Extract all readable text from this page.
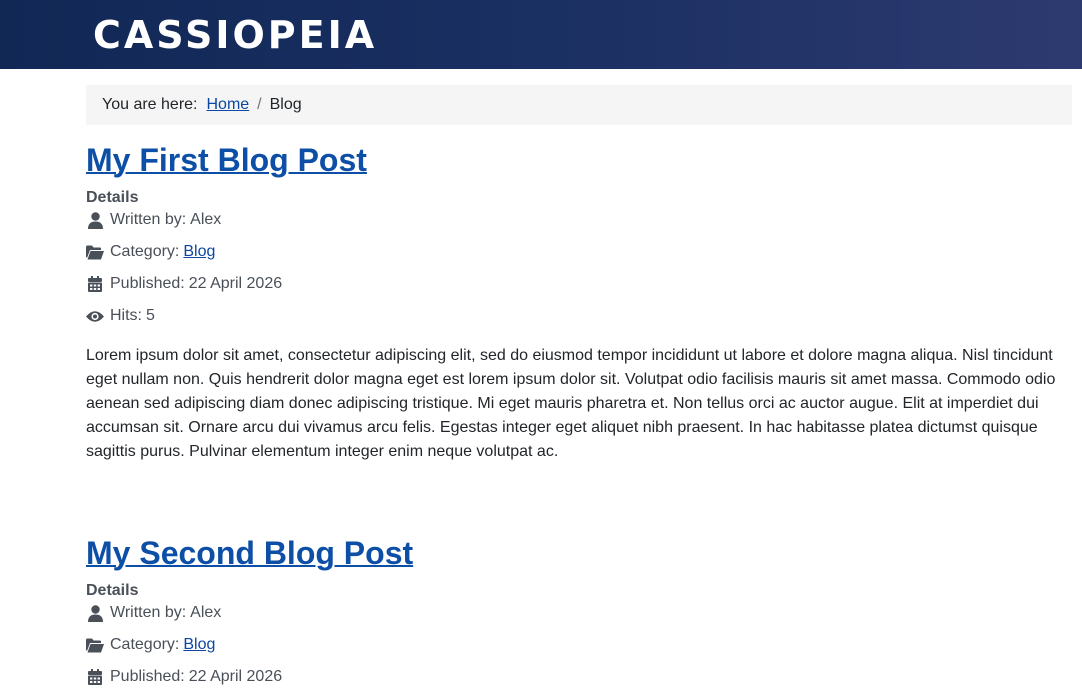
CASSIOPEIA
You are here: Home / Blog
My First Blog Post
Details
Written by: Alex
Category: Blog
Published: 22 April 2026
Hits: 5

Lorem ipsum dolor sit amet, consectetur adipiscing elit, sed do eiusmod tempor incididunt ut labore et dolore magna aliqua. Nisl tincidunt eget nullam non. Quis hendrerit dolor magna eget est lorem ipsum dolor sit. Volutpat odio facilisis mauris sit amet massa. Commodo odio aenean sed adipiscing diam donec adipiscing tristique. Mi eget mauris pharetra et. Non tellus orci ac auctor augue. Elit at imperdiet dui accumsan sit. Ornare arcu dui vivamus arcu felis. Egestas integer eget aliquet nibh praesent. In hac habitasse platea dictumst quisque sagittis purus. Pulvinar elementum integer enim neque volutpat ac.

My Second Blog Post
Details
Written by: Alex
Category: Blog
Published: 22 April 2026
